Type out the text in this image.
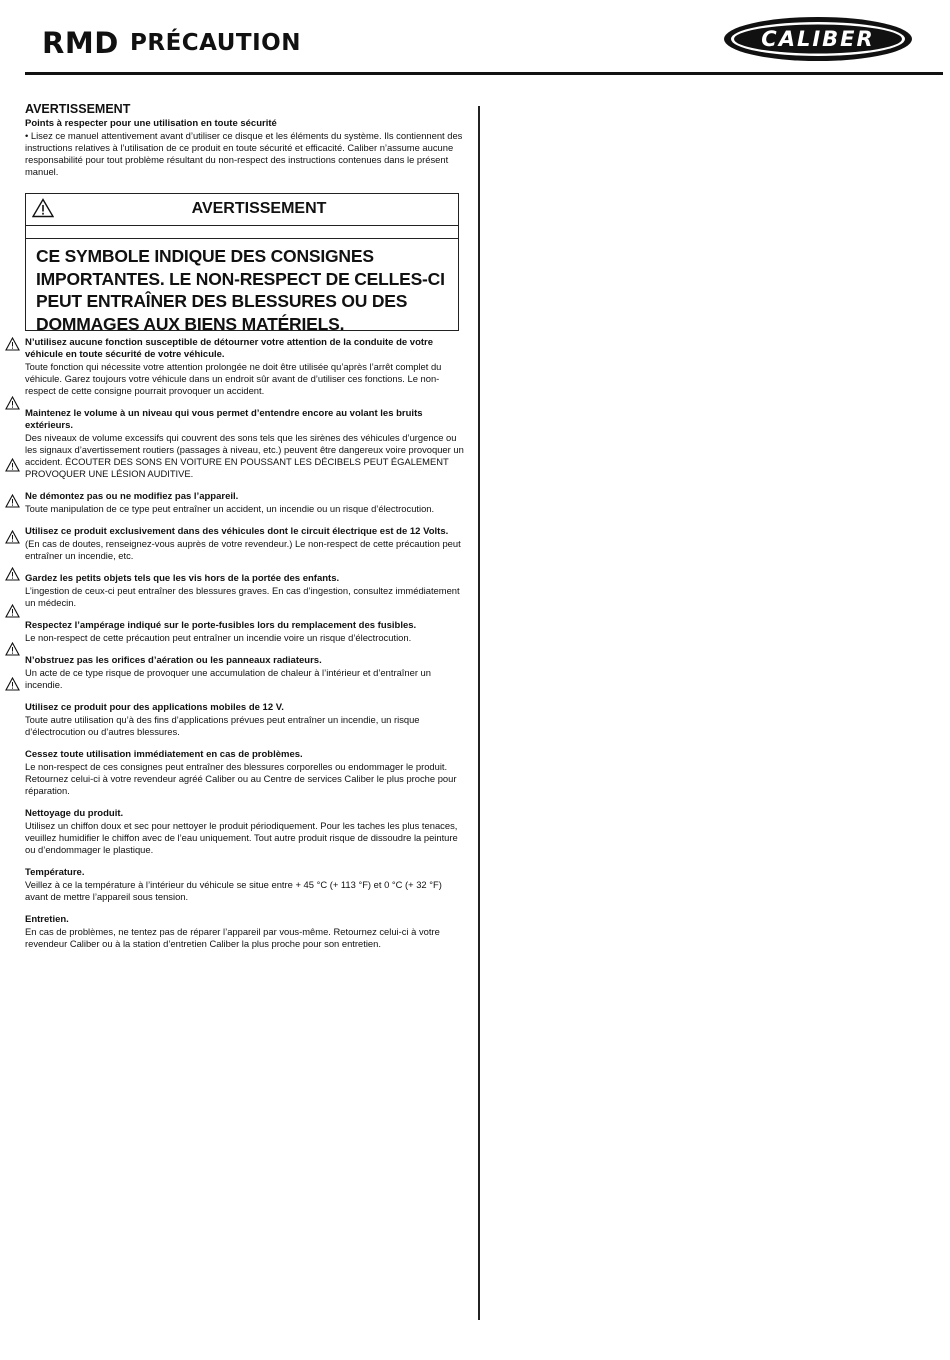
RMD PRÉCAUTION	CALIBER

AVERTISSEMENT

Points à respecter pour une utilisation en toute sécurité

• Lisez ce manuel attentivement avant d’utiliser ce disque et les éléments du système. Ils contiennent des instructions relatives à l’utilisation de ce produit en toute sécurité et efficacité. Caliber n’assume aucune responsabilité pour tout problème résultant du non-respect des instructions contenues dans le présent manuel.

AVERTISSEMENT
CE SYMBOLE INDIQUE DES CONSIGNES IMPORTANTES. LE NON-RESPECT DE CELLES-CI PEUT ENTRAÎNER DES BLESSURES OU DES DOMMAGES AUX BIENS MATÉRIELS.

N’utilisez aucune fonction susceptible de détourner votre attention de la conduite de votre véhicule en toute sécurité de votre véhicule.

Toute fonction qui nécessite votre attention prolongée ne doit être utilisée qu’après l’arrêt complet du véhicule. Garez toujours votre véhicule dans un endroit sûr avant de d’utiliser ces fonctions. Le non-respect de cette consigne pourrait provoquer un accident.

Maintenez le volume à un niveau qui vous permet d’entendre encore au volant les bruits extérieurs.

Des niveaux de volume excessifs qui couvrent des sons tels que les sirènes des véhicules d’urgence ou les signaux d’avertissement routiers (passages à niveau, etc.) peuvent être dangereux voire provoquer un accident. ÉCOUTER DES SONS EN VOITURE EN POUSSANT LES DÉCIBELS PEUT ÉGALEMENT PROVOQUER UNE LÉSION AUDITIVE.

Ne démontez pas ou ne modifiez pas l’appareil.

Toute manipulation de ce type peut entraîner un accident, un incendie ou un risque d’électrocution.

Utilisez ce produit exclusivement dans des véhicules dont le circuit électrique est de 12 Volts.

(En cas de doutes, renseignez-vous auprès de votre revendeur.) Le non-respect de cette précaution peut entraîner un incendie, etc.

Gardez les petits objets tels que les vis hors de la portée des enfants.

L’ingestion de ceux-ci peut entraîner des blessures graves. En cas d’ingestion, consultez immédiatement un médecin.

Respectez l’ampérage indiqué sur le porte-fusibles lors du remplacement des fusibles.

Le non-respect de cette précaution peut entraîner un incendie voire un risque d’électrocution.

N’obstruez pas les orifices d’aération ou les panneaux radiateurs.

Un acte de ce type risque de provoquer une accumulation de chaleur à l’intérieur et d’entraîner un incendie.

Utilisez ce produit pour des applications mobiles de 12 V.

Toute autre utilisation qu’à des fins d’applications prévues peut entraîner un incendie, un risque d’électrocution ou d’autres blessures.

Cessez toute utilisation immédiatement en cas de problèmes.

Le non-respect de ces consignes peut entraîner des blessures corporelles ou endommager le produit. Retournez celui-ci à votre revendeur agréé Caliber ou au Centre de services Caliber le plus proche pour réparation.

Nettoyage du produit.

Utilisez un chiffon doux et sec pour nettoyer le produit périodiquement. Pour les taches les plus tenaces, veuillez humidifier le chiffon avec de l’eau uniquement. Tout autre produit risque de dissoudre la peinture ou d’endommager le plastique.

Température.

Veillez à ce la température à l’intérieur du véhicule se situe entre + 45 °C (+ 113 °F) et 0 °C (+ 32 °F) avant de mettre l’appareil sous tension.

Entretien.

En cas de problèmes, ne tentez pas de réparer l’appareil par vous-même. Retournez celui-ci à votre revendeur Caliber ou à la station d’entretien Caliber la plus proche pour son entretien.
